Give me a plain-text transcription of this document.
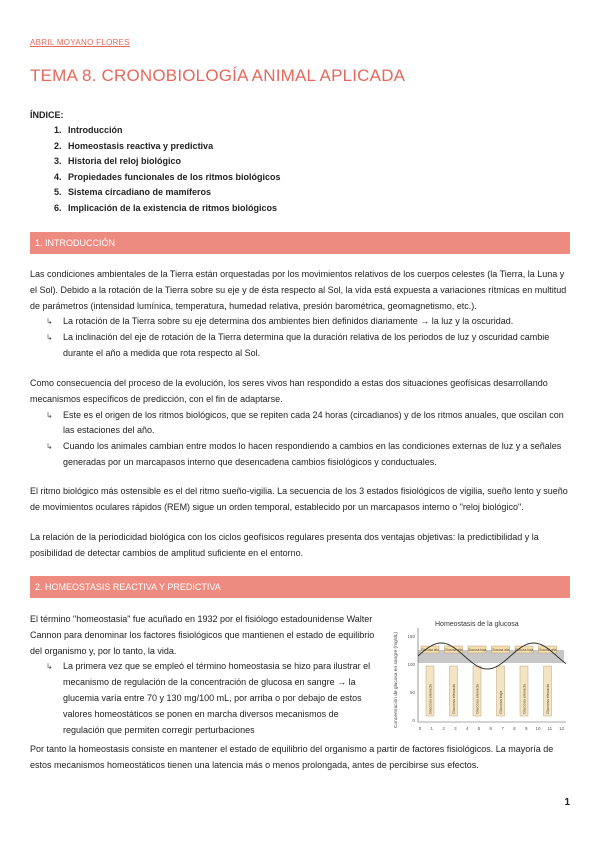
ABRIL MOYANO FLORES
TEMA 8. CRONOBIOLOGÍA ANIMAL APLICADA
ÍNDICE:
1. Introducción
2. Homeostasis reactiva y predictiva
3. Historia del reloj biológico
4. Propiedades funcionales de los ritmos biológicos
5. Sistema circadiano de mamíferos
6. Implicación de la existencia de ritmos biológicos
1. INTRODUCCIÓN

Las condiciones ambientales de la Tierra están orquestadas por los movimientos relativos de los cuerpos celestes (la Tierra, la Luna y el Sol). Debido a la rotación de la Tierra sobre su eje y de ésta respecto al Sol, la vida está expuesta a variaciones rítmicas en multitud de parámetros (intensidad lumínica, temperatura, humedad relativa, presión barométrica, geomagnetismo, etc.).

↳ La rotación de la Tierra sobre su eje determina dos ambientes bien definidos diariamente → la luz y la oscuridad.
↳ La inclinación del eje de rotación de la Tierra determina que la duración relativa de los periodos de luz y oscuridad cambie durante el año a medida que rota respecto al Sol.

Como consecuencia del proceso de la evolución, los seres vivos han respondido a estas dos situaciones geofísicas desarrollando mecanismos específicos de predicción, con el fin de adaptarse.

↳ Este es el origen de los ritmos biológicos, que se repiten cada 24 horas (circadianos) y de los ritmos anuales, que oscilan con las estaciones del año.
↳ Cuando los animales cambian entre modos lo hacen respondiendo a cambios en las condiciones externas de luz y a señales generadas por un marcapasos interno que desencadena cambios fisiológicos y conductuales.

El ritmo biológico más ostensible es el del ritmo sueño-vigilia. La secuencia de los 3 estados fisiológicos de vigilia, sueño lento y sueño de movimientos oculares rápidos (REM) sigue un orden temporal, establecido por un marcapasos interno o "reloj biológico".

La relación de la periodicidad biológica con los ciclos geofísicos regulares presenta dos ventajas objetivas: la predictibilidad y la posibilidad de detectar cambios de amplitud suficiente en el entorno.

2. HOMEOSTASIS REACTIVA Y PREDICTIVA

El término "homeostasia" fue acuñado en 1932 por el fisiólogo estadounidense Walter Cannon para denominar los factores fisiológicos que mantienen el estado de equilibrio del organismo y, por lo tanto, la vida.

↳ La primera vez que se empleó el término homeostasia se hizo para ilustrar el mecanismo de regulación de la concentración de glucosa en sangre → la glucemia varía entre 70 y 130 mg/100 mL, por arriba o por debajo de estos valores homeostáticos se ponen en marcha diversos mecanismos de regulación que permiten corregir perturbaciones
Homeostasis de la glucosa
Concentración de glucosa en sangre (mg/dL) 150
100
50
0
0 1 2 3 4 5 6 7 8 9 10 11 12
Glucosa alta Glucosa alta Glucosa baja Glucosa alta Glucosa baja Glucosa alta
Glucosa elevada	Glucosa elevada	Glucosa elevada	Glucosa baja	Glucosa elevada	Glucosa elevada

Por tanto la homeostasis consiste en mantener el estado de equilibrio del organismo a partir de factores fisiológicos. La mayoría de estos mecanismos homeostáticos tienen una latencia más o menos prolongada, antes de percibirse sus efectos.

1
